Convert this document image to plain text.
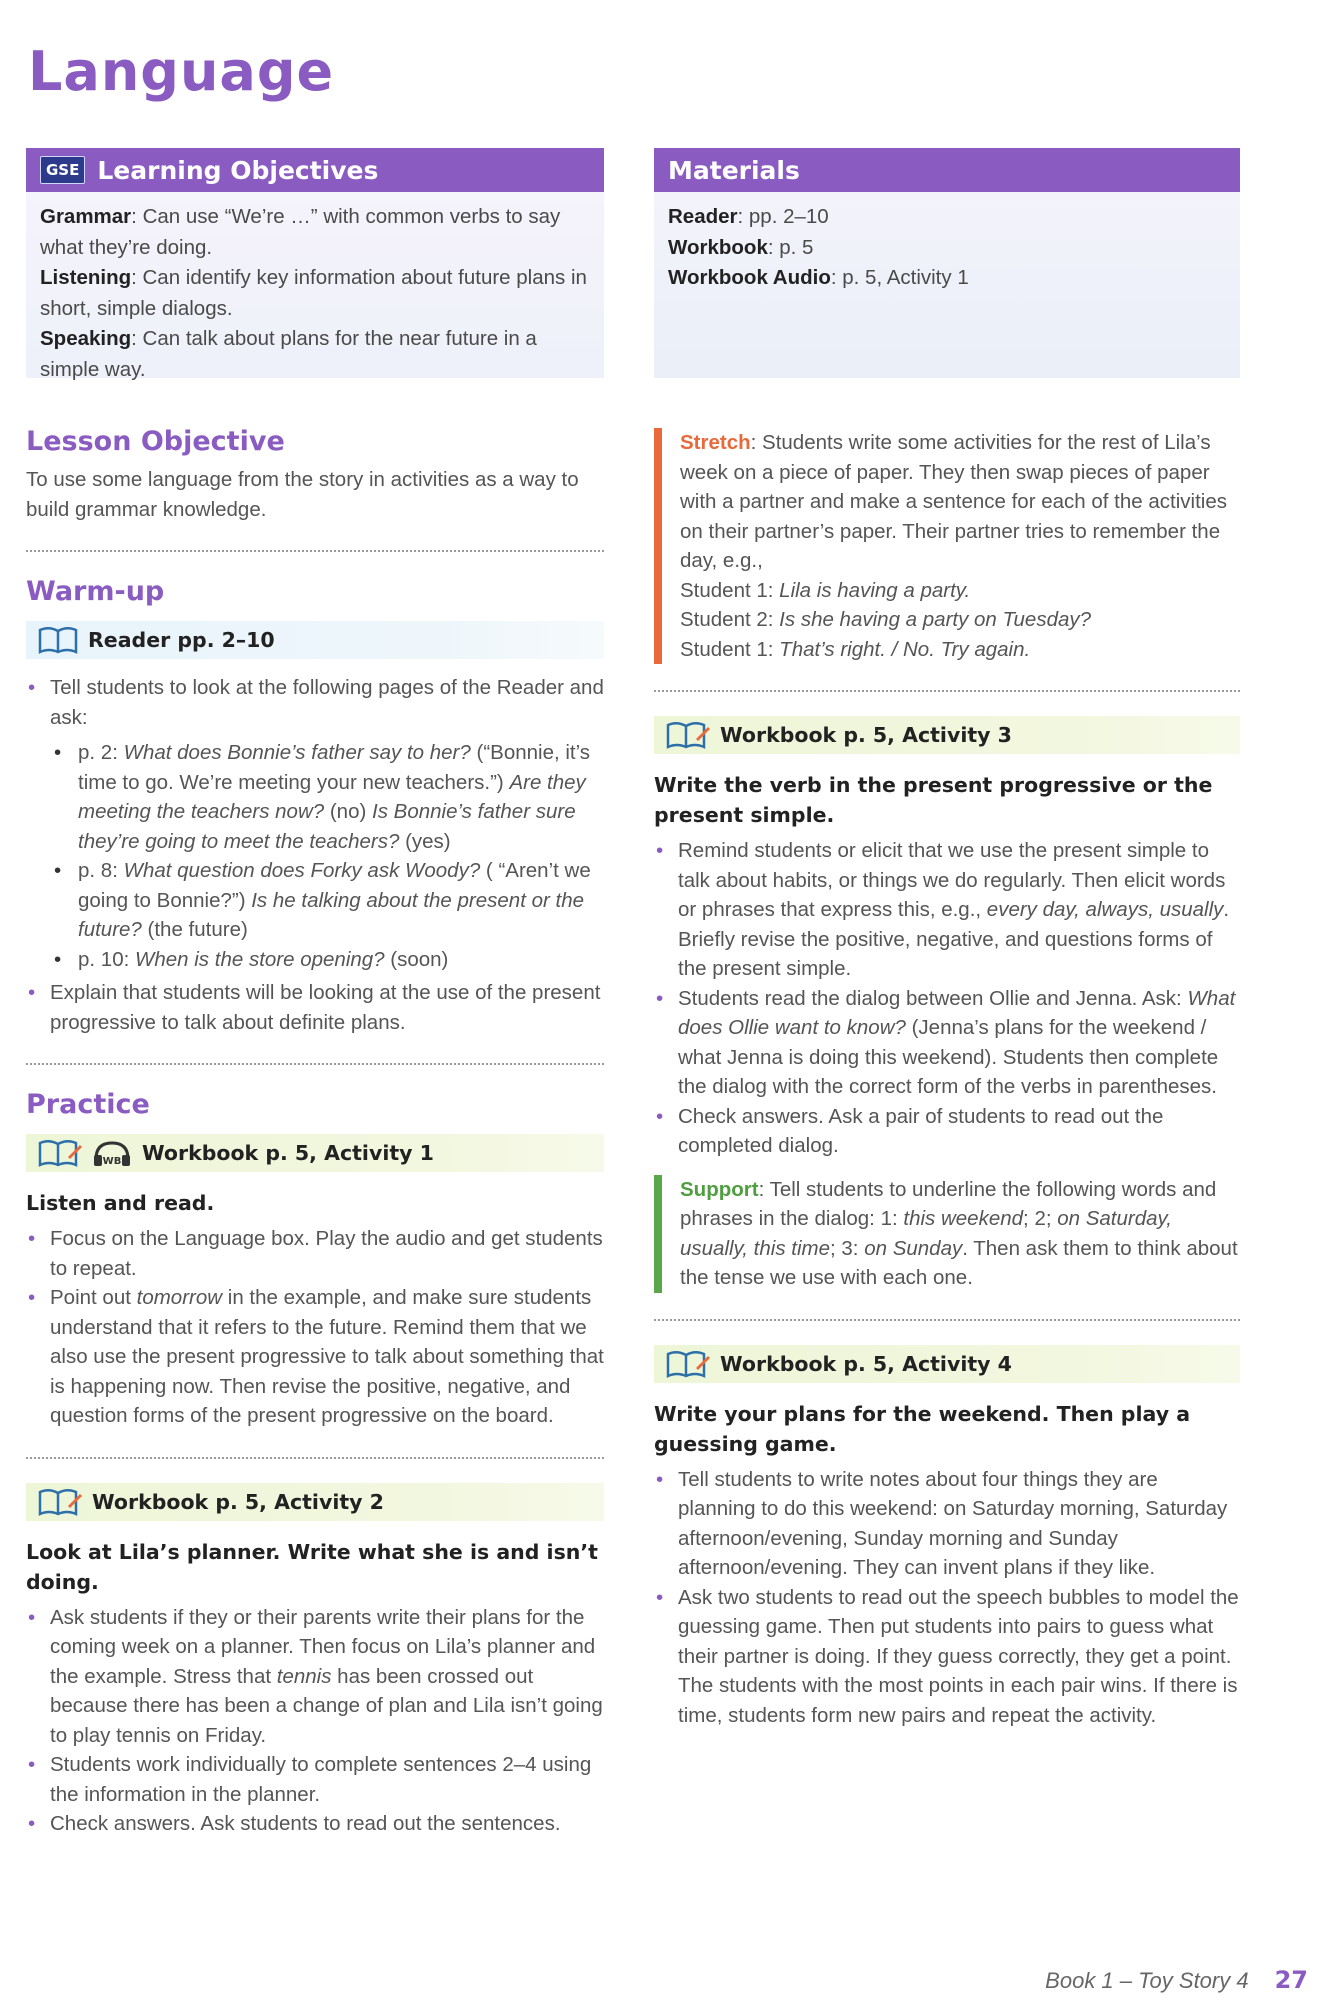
Language
GSE Learning Objectives
Grammar: Can use “We’re …” with common verbs to say what they’re doing.
Listening: Can identify key information about future plans in short, simple dialogs.
Speaking: Can talk about plans for the near future in a simple way.
Lesson Objective

To use some language from the story in activities as a way to build grammar knowledge.

Warm-up
Reader pp. 2–10
• Tell students to look at the following pages of the Reader and ask:
• p. 2: What does Bonnie’s father say to her? (“Bonnie, it’s time to go. We’re meeting your new teachers.”) Are they meeting the teachers now? (no) Is Bonnie’s father sure they’re going to meet the teachers? (yes)
• p. 8: What question does Forky ask Woody? ( “Aren’t we going to Bonnie?”) Is he talking about the present or the future? (the future)
• p. 10: When is the store opening? (soon)
• Explain that students will be looking at the use of the present progressive to talk about definite plans.
Practice
WB Workbook p. 5, Activity 1
Listen and read.
• Focus on the Language box. Play the audio and get students to repeat.
• Point out tomorrow in the example, and make sure students understand that it refers to the future. Remind them that we also use the present progressive to talk about something that is happening now. Then revise the positive, negative, and question forms of the present progressive on the board.
Workbook p. 5, Activity 2
Look at Lila’s planner. Write what she is and isn’t doing.
• Ask students if they or their parents write their plans for the coming week on a planner. Then focus on Lila’s planner and the example. Stress that tennis has been crossed out because there has been a change of plan and Lila isn’t going to play tennis on Friday.
• Students work individually to complete sentences 2–4 using the information in the planner.
• Check answers. Ask students to read out the sentences.
Materials
Reader: pp. 2–10
Workbook: p. 5
Workbook Audio: p. 5, Activity 1
Stretch: Students write some activities for the rest of Lila’s week on a piece of paper. They then swap pieces of paper with a partner and make a sentence for each of the activities on their partner’s paper. Their partner tries to remember the day, e.g.,
Student 1: Lila is having a party.
Student 2: Is she having a party on Tuesday?
Student 1: That’s right. / No. Try again.
Workbook p. 5, Activity 3
Write the verb in the present progressive or the present simple.
• Remind students or elicit that we use the present simple to talk about habits, or things we do regularly. Then elicit words or phrases that express this, e.g., every day, always, usually. Briefly revise the positive, negative, and questions forms of the present simple.
• Students read the dialog between Ollie and Jenna. Ask: What does Ollie want to know? (Jenna’s plans for the weekend / what Jenna is doing this weekend). Students then complete the dialog with the correct form of the verbs in parentheses.
• Check answers. Ask a pair of students to read out the completed dialog.
Support: Tell students to underline the following words and phrases in the dialog: 1: this weekend; 2; on Saturday, usually, this time; 3: on Sunday. Then ask them to think about the tense we use with each one.
Workbook p. 5, Activity 4
Write your plans for the weekend. Then play a guessing game.
• Tell students to write notes about four things they are planning to do this weekend: on Saturday morning, Saturday afternoon/evening, Sunday morning and Sunday afternoon/evening. They can invent plans if they like.
• Ask two students to read out the speech bubbles to model the guessing game. Then put students into pairs to guess what their partner is doing. If they guess correctly, they get a point. The students with the most points in each pair wins. If there is time, students form new pairs and repeat the activity.
Book 1 – Toy Story 4 27
